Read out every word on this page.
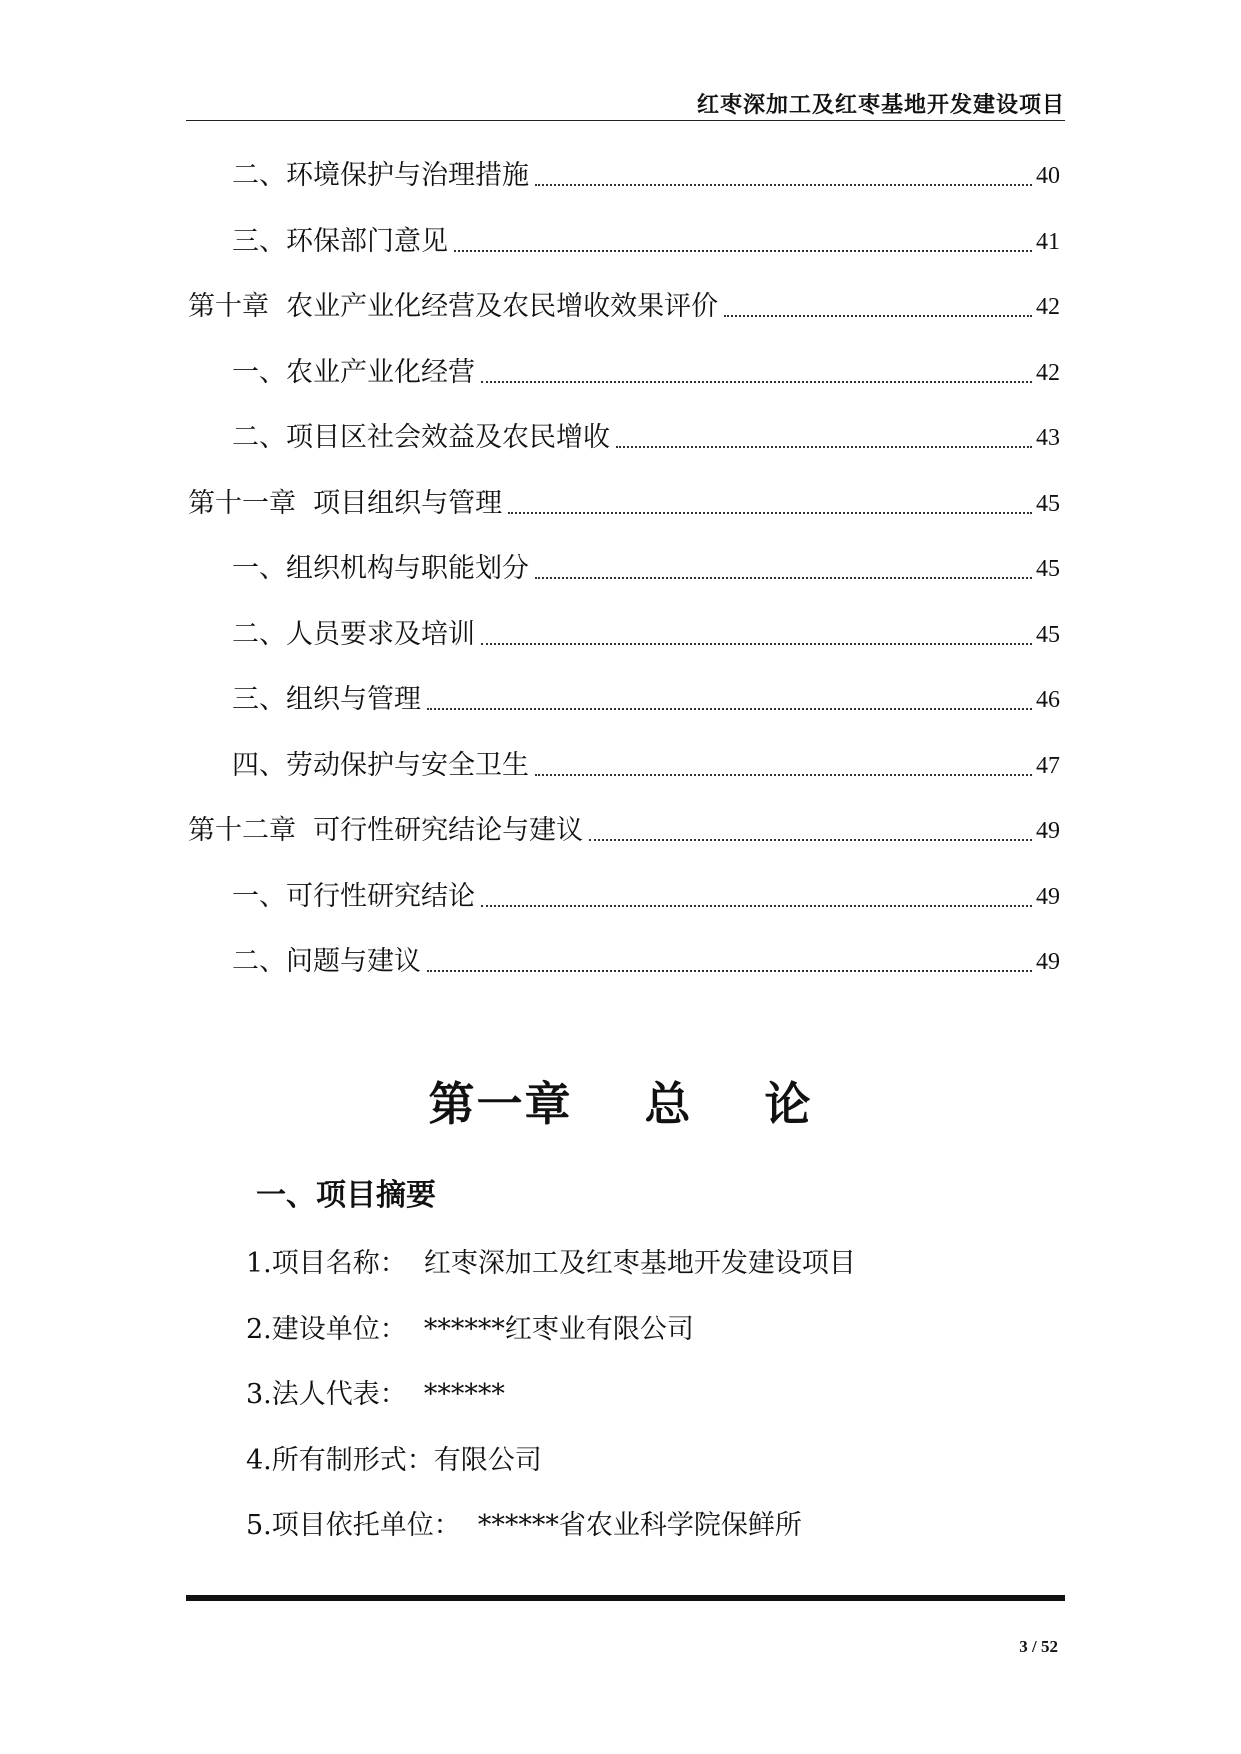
红枣深加工及红枣基地开发建设项目
二、环境保护与治理措施	40
三、环保部门意见	41
第十章  农业产业化经营及农民增收效果评价	42
一、农业产业化经营	42
二、项目区社会效益及农民增收	43
第十一章  项目组织与管理	45
一、组织机构与职能划分	45
二、人员要求及培训	45
三、组织与管理	46
四、劳动保护与安全卫生	47
第十二章  可行性研究结论与建议	49
一、可行性研究结论	49
二、问题与建议	49
第一章    总    论
一、项目摘要
1.项目名称：  红枣深加工及红枣基地开发建设项目
2.建设单位：  ******红枣业有限公司
3.法人代表：  ******
4.所有制形式：有限公司
5.项目依托单位：  ******省农业科学院保鲜所
3 / 52
